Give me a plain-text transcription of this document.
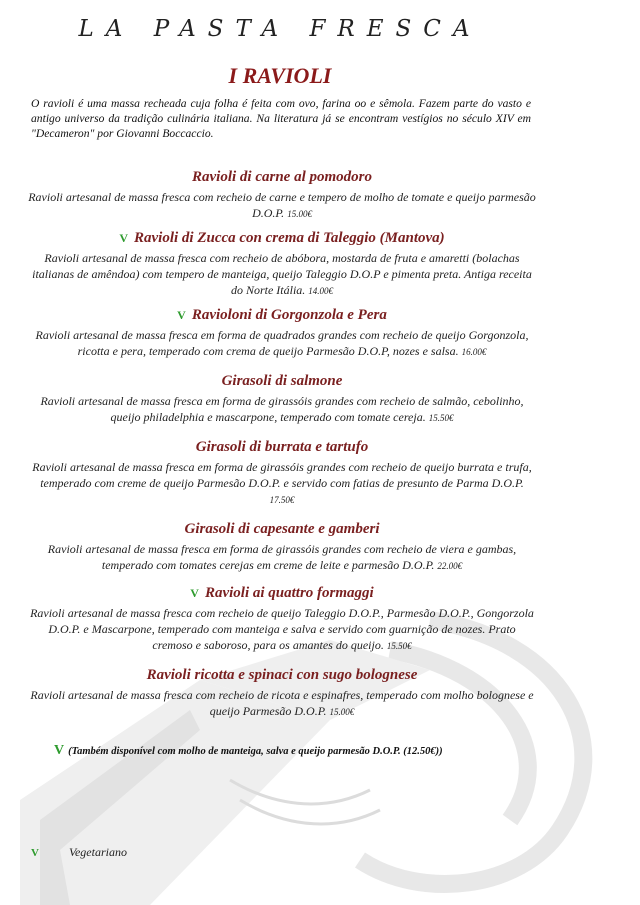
LA PASTA FRESCA
I RAVIOLI
O ravioli é uma massa recheada cuja folha é feita com ovo, farina oo e sêmola. Fazem parte do vasto e antigo universo da tradição culinária italiana. Na literatura já se encontram vestígios no século XIV em "Decameron" por Giovanni Boccaccio.
Ravioli di carne al pomodoro
Ravioli artesanal de massa fresca com recheio de carne e tempero de molho de tomate e queijo parmesão D.O.P. 15.00€
V Ravioli di Zucca con crema di Taleggio (Mantova)
Ravioli artesanal de massa fresca com recheio de abóbora, mostarda de fruta e amaretti (bolachas italianas de amêndoa) com tempero de manteiga, queijo Taleggio D.O.P e pimenta preta. Antiga receita do Norte Itália. 14.00€
V Ravioloni di Gorgonzola e Pera
Ravioli artesanal de massa fresca em forma de quadrados grandes com recheio de queijo Gorgonzola, ricotta e pera, temperado com crema de queijo Parmesão D.O.P, nozes e salsa. 16.00€
Girasoli di salmone
Ravioli artesanal de massa fresca em forma de girassóis grandes com recheio de salmão, cebolinho, queijo philadelphia e mascarpone, temperado com tomate cereja. 15.50€
Girasoli di burrata e tartufo
Ravioli artesanal de massa fresca em forma de girassóis grandes com recheio de queijo burrata e trufa, temperado com creme de queijo Parmesão D.O.P. e servido com fatias de presunto de Parma D.O.P. 17.50€
Girasoli di capesante e gamberi
Ravioli artesanal de massa fresca em forma de girassóis grandes com recheio de viera e gambas, temperado com tomates cerejas em creme de leite e parmesão D.O.P. 22.00€
V Ravioli ai quattro formaggi
Ravioli artesanal de massa fresca com recheio de queijo Taleggio D.O.P., Parmesão D.O.P., Gongorzola D.O.P. e Mascarpone, temperado com manteiga e salva e servido com guarnição de nozes. Prato cremoso e saboroso, para os amantes do queijo. 15.50€
Ravioli ricotta e spinaci con sugo bolognese
Ravioli artesanal de massa fresca com recheio de ricota e espinafres, temperado com molho bolognese e queijo Parmesão D.O.P. 15.00€
V (Também disponível com molho de manteiga, salva e queijo parmesão D.O.P. (12.50€))
V	Vegetariano
